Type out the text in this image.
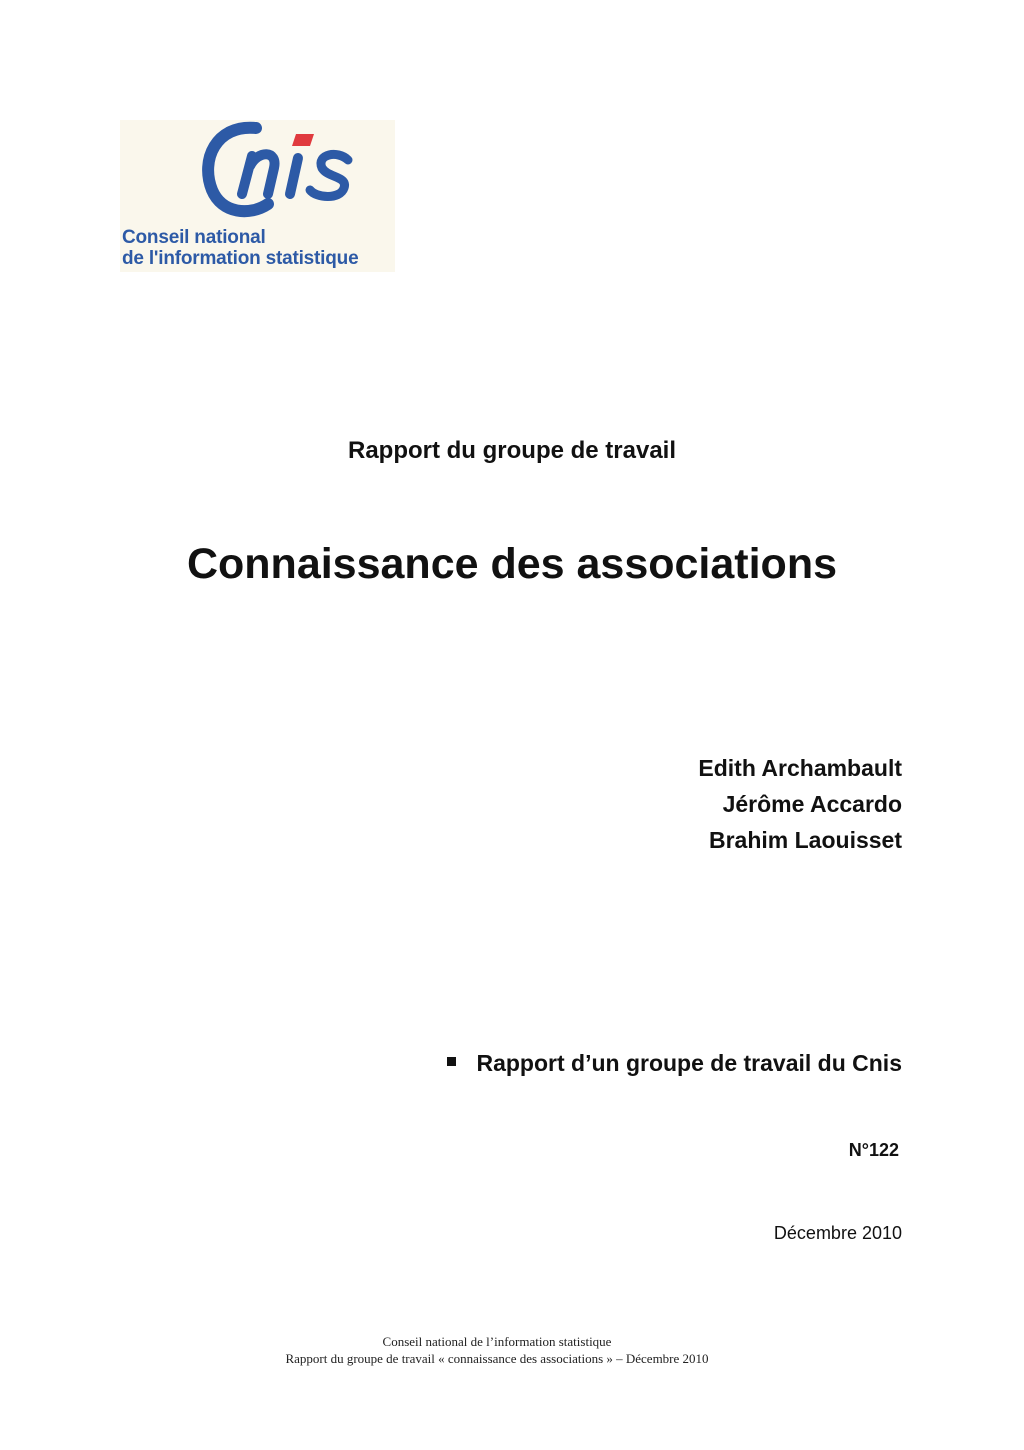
Conseil national
de l'information statistique
Rapport du groupe de travail
Connaissance des associations
Edith Archambault
Jérôme Accardo
Brahim Laouisset
Rapport d’un groupe de travail du Cnis
N°122
Décembre 2010
Conseil national de l’information statistique
Rapport du groupe de travail « connaissance des associations » – Décembre 2010
